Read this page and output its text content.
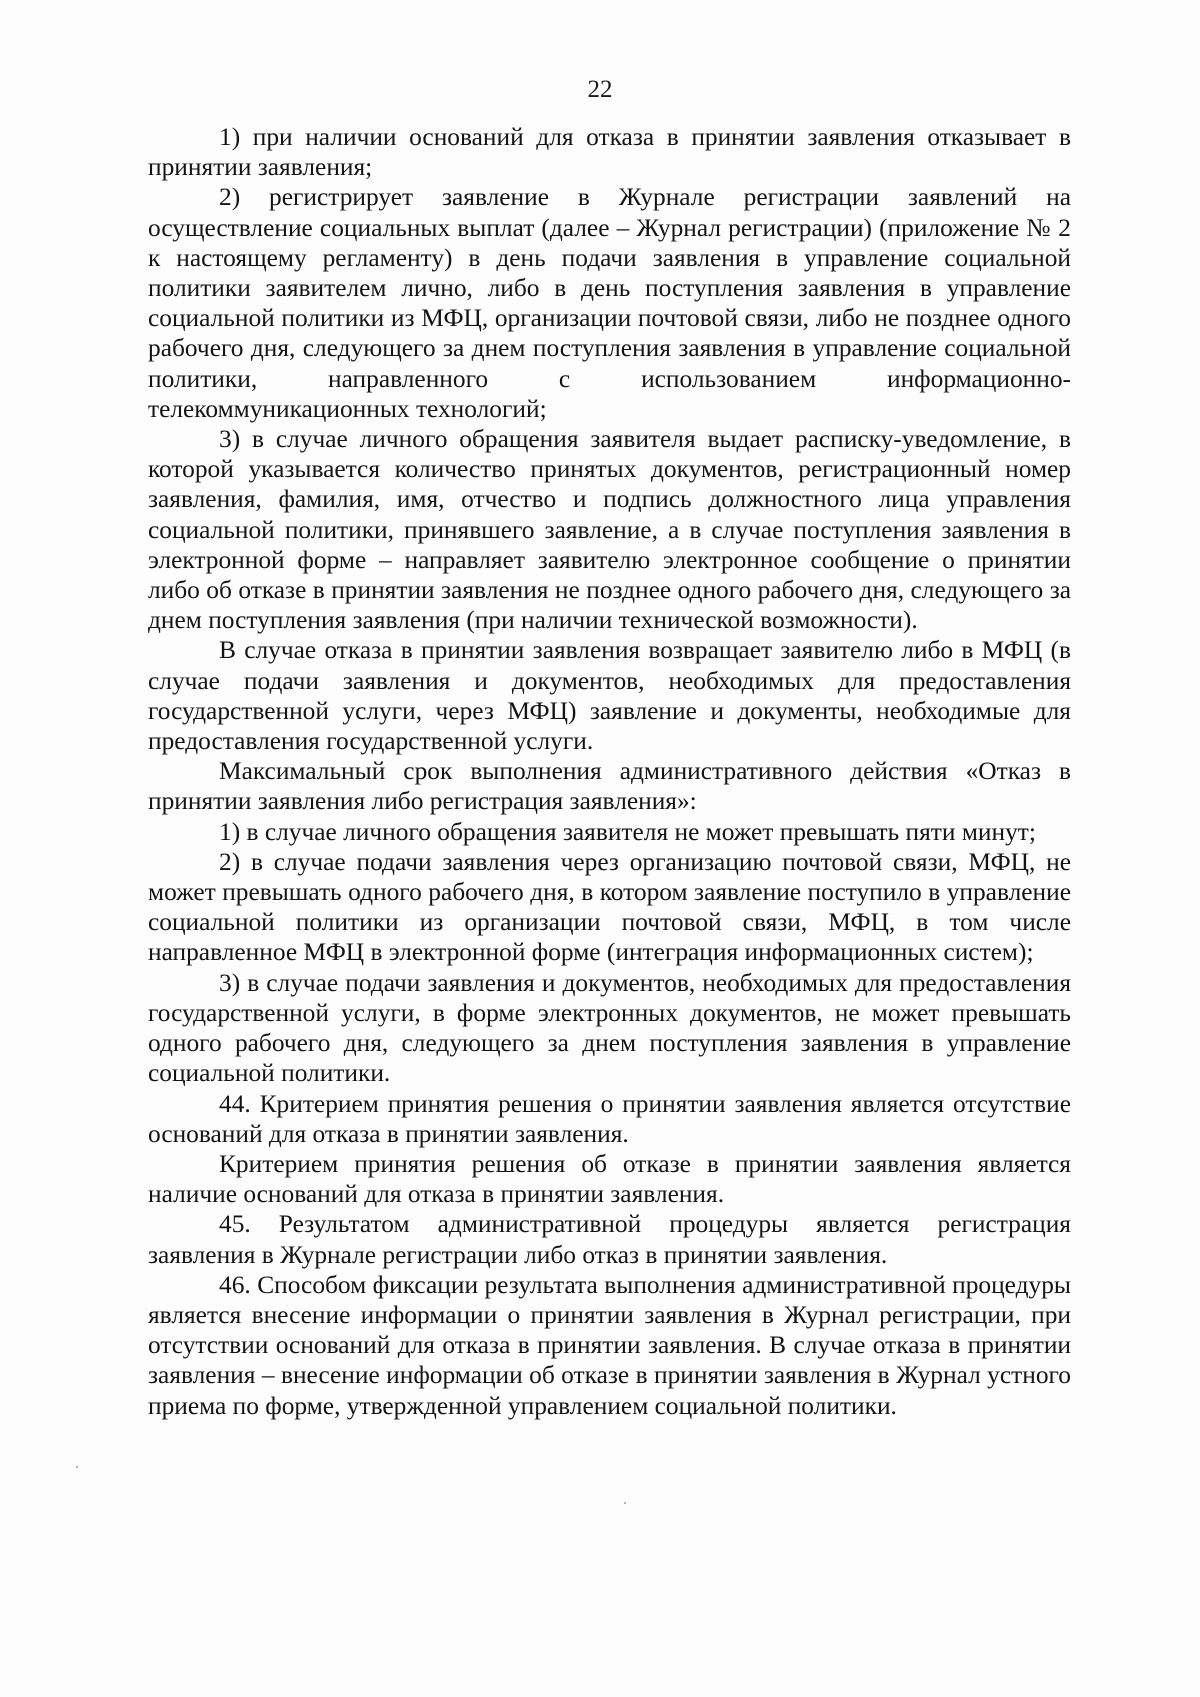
22

1) при наличии оснований для отказа в принятии заявления отказывает в принятии заявления;

2) регистрирует заявление в Журнале регистрации заявлений на осуществление социальных выплат (далее – Журнал регистрации) (приложение № 2 к настоящему регламенту) в день подачи заявления в управление социальной политики заявителем лично, либо в день поступления заявления в управление социальной политики из МФЦ, организации почтовой связи, либо не позднее одного рабочего дня, следующего за днем поступления заявления в управление социальной политики, направленного с использованием информационно-телекоммуникационных технологий;

3) в случае личного обращения заявителя выдает расписку-уведомление, в которой указывается количество принятых документов, регистрационный номер заявления, фамилия, имя, отчество и подпись должностного лица управления социальной политики, принявшего заявление, а в случае поступления заявления в электронной форме – направляет заявителю электронное сообщение о принятии либо об отказе в принятии заявления не позднее одного рабочего дня, следующего за днем поступления заявления (при наличии технической возможности).

В случае отказа в принятии заявления возвращает заявителю либо в МФЦ (в случае подачи заявления и документов, необходимых для предоставления государственной услуги, через МФЦ) заявление и документы, необходимые для предоставления государственной услуги.

Максимальный срок выполнения административного действия «Отказ в принятии заявления либо регистрация заявления»:

1) в случае личного обращения заявителя не может превышать пяти минут;

2) в случае подачи заявления через организацию почтовой связи, МФЦ, не может превышать одного рабочего дня, в котором заявление поступило в управление социальной политики из организации почтовой связи, МФЦ, в том числе направленное МФЦ в электронной форме (интеграция информационных систем);

3) в случае подачи заявления и документов, необходимых для предоставления государственной услуги, в форме электронных документов, не может превышать одного рабочего дня, следующего за днем поступления заявления в управление социальной политики.

44. Критерием принятия решения о принятии заявления является отсутствие оснований для отказа в принятии заявления.

Критерием принятия решения об отказе в принятии заявления является наличие оснований для отказа в принятии заявления.

45. Результатом административной процедуры является регистрация заявления в Журнале регистрации либо отказ в принятии заявления.

46. Способом фиксации результата выполнения административной процедуры является внесение информации о принятии заявления в Журнал регистрации, при отсутствии оснований для отказа в принятии заявления. В случае отказа в принятии заявления – внесение информации об отказе в принятии заявления в Журнал устного приема по форме, утвержденной управлением социальной политики.
